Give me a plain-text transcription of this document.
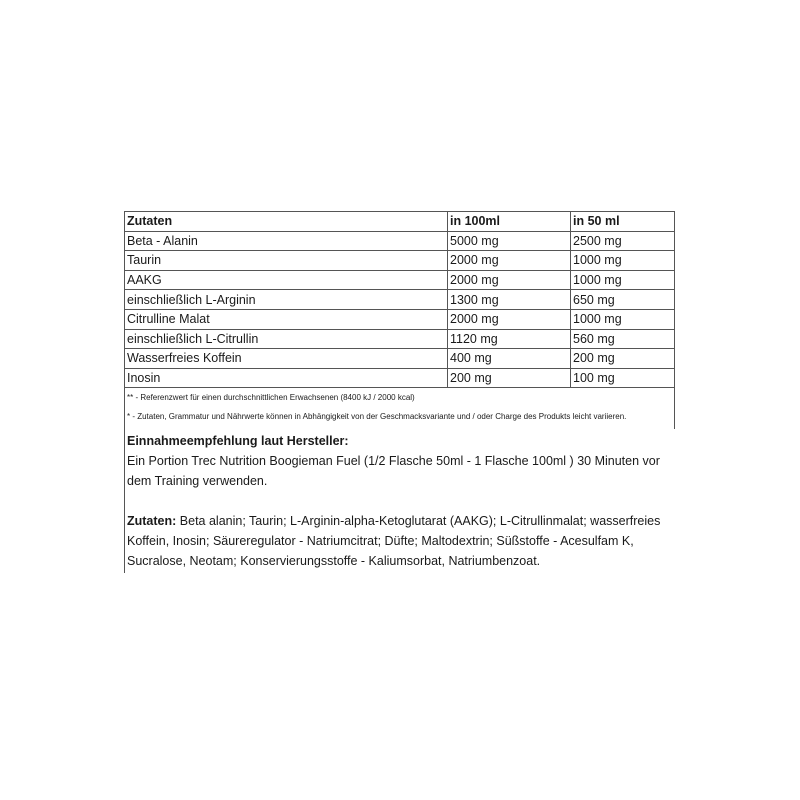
Zutaten	in 100ml	in 50 ml
Beta - Alanin	5000 mg	2500 mg
Taurin	2000 mg	1000 mg
AAKG	2000 mg	1000 mg
einschließlich L-Arginin	1300 mg	650 mg
Citrulline Malat	2000 mg	1000 mg
einschließlich L-Citrullin	1120 mg	560 mg
Wasserfreies Koffein	400 mg	200 mg
Inosin	200 mg	100 mg

** - Referenzwert für einen durchschnittlichen Erwachsenen (8400 kJ / 2000 kcal)
* - Zutaten, Grammatur und Nährwerte können in Abhängigkeit von der Geschmacksvariante und / oder Charge des Produkts leicht variieren.		
Einnahmeempfehlung laut Hersteller:
Ein Portion Trec Nutrition Boogieman Fuel (1/2 Flasche 50ml - 1 Flasche 100ml ) 30 Minuten vor dem Training verwenden.
Zutaten: Beta alanin; Taurin; L-Arginin-alpha-Ketoglutarat (AAKG); L-Citrullinmalat; wasserfreies Koffein, Inosin; Säureregulator - Natriumcitrat; Düfte; Maltodextrin; Süßstoffe - Acesulfam K, Sucralose, Neotam; Konservierungsstoffe - Kaliumsorbat, Natriumbenzoat.
